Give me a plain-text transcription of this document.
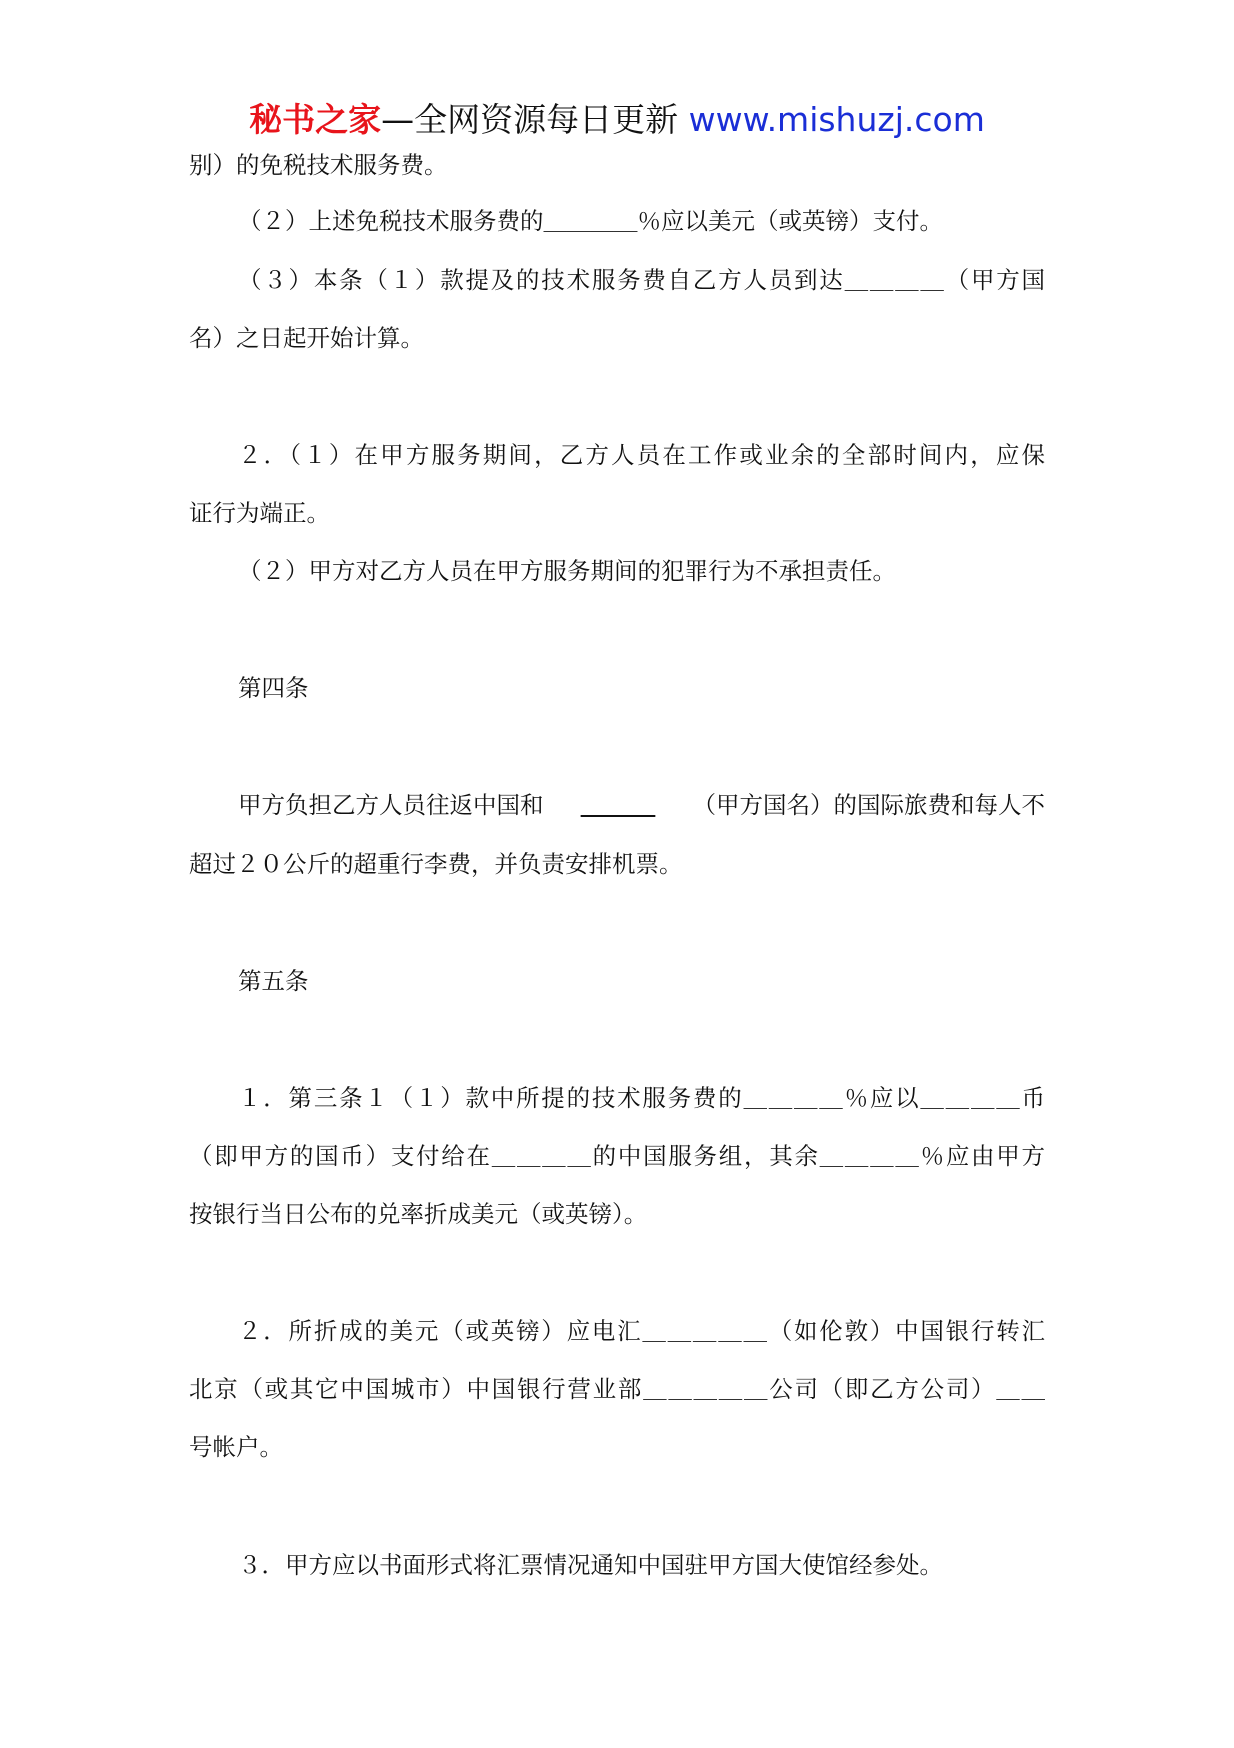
秘书之家—全网资源每日更新 www.mishuzj.com
别）的免税技术服务费。
（２）上述免税技术服务费的＿＿＿＿％应以美元（或英镑）支付。
（３）本条（１）款提及的技术服务费自乙方人员到达＿＿＿＿（甲方国
名）之日起开始计算。
２．（１）在甲方服务期间，乙方人员在工作或业余的全部时间内，应保
证行为端正。
（２）甲方对乙方人员在甲方服务期间的犯罪行为不承担责任。
第四条
甲方负担乙方人员往返中国和
	（甲方国名）的国际旅费和每人不
超过２０公斤的超重行李费，并负责安排机票。
第五条
１．第三条１（１）款中所提的技术服务费的＿＿＿＿％应以＿＿＿＿币
（即甲方的国币）支付给在＿＿＿＿的中国服务组，其余＿＿＿＿％应由甲方
按银行当日公布的兑率折成美元（或英镑）。
２．所折成的美元（或英镑）应电汇＿＿＿＿＿（如伦敦）中国银行转汇
北京（或其它中国城市）中国银行营业部＿＿＿＿＿公司（即乙方公司）＿＿
号帐户。
３．甲方应以书面形式将汇票情况通知中国驻甲方国大使馆经参处。
